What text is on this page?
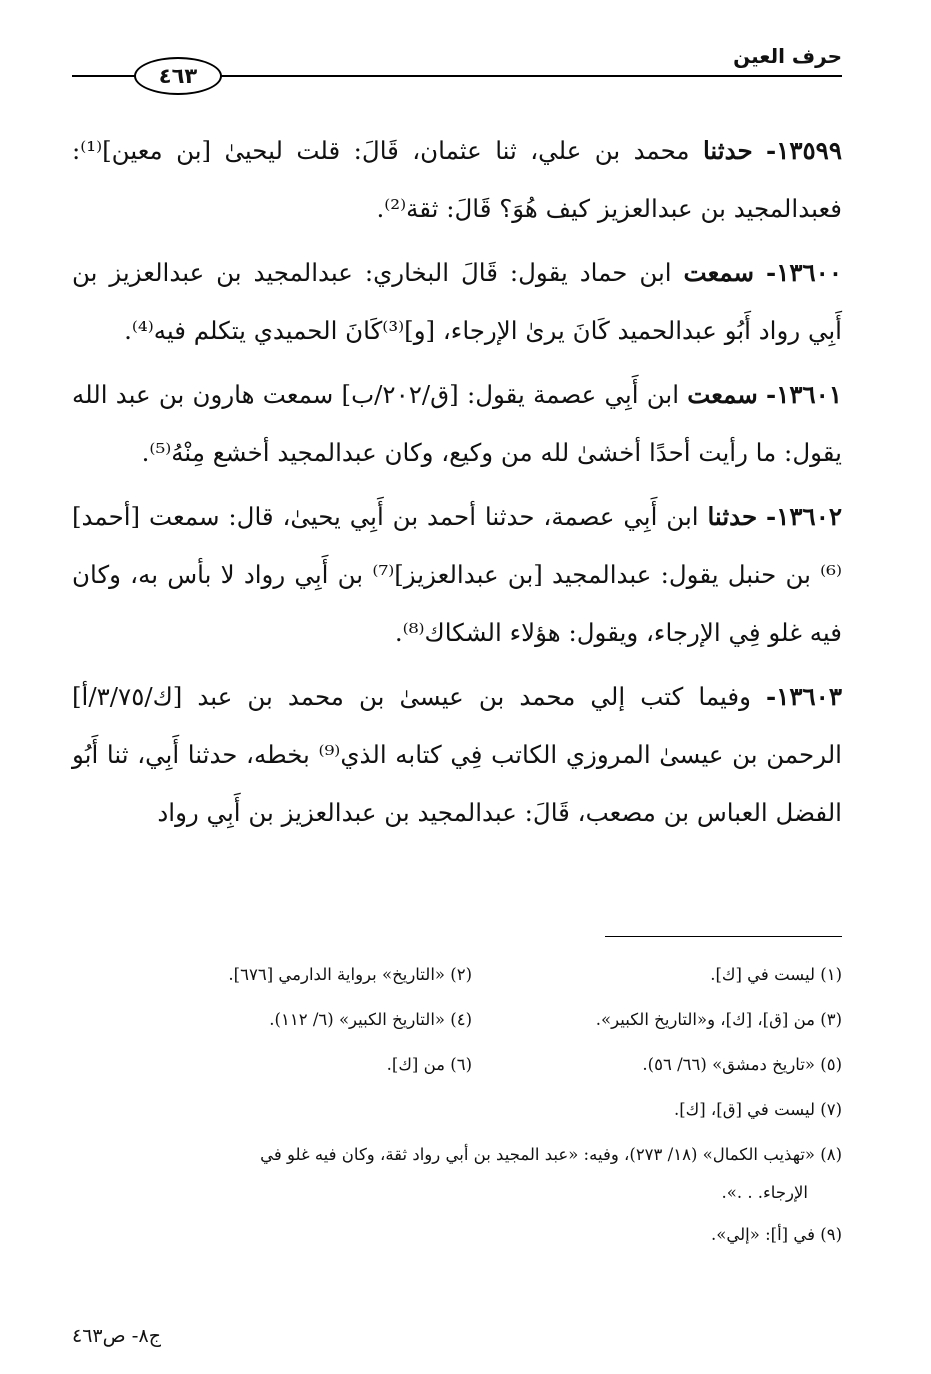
حرف العين
٤٦٣

١٣٥٩٩- حدثنا محمد بن علي، ثنا عثمان، قَالَ: قلت ليحيىٰ [بن معين]⁽¹⁾: فعبدالمجيد بن عبدالعزيز كيف هُوَ؟ قَالَ: ثقة⁽²⁾.

١٣٦٠٠- سمعت ابن حماد يقول: قَالَ البخاري: عبدالمجيد بن عبدالعزيز بن أَبِي رواد أَبُو عبدالحميد كَانَ يرىٰ الإرجاء، [و]⁽³⁾كَانَ الحميدي يتكلم فيه⁽⁴⁾.

١٣٦٠١- سمعت ابن أَبِي عصمة يقول: [ق/٢٠٢/ب] سمعت هارون بن عبد الله يقول: ما رأيت أحدًا أخشىٰ لله من وكيع، وكان عبدالمجيد أخشع مِنْهُ⁽⁵⁾.

١٣٦٠٢- حدثنا ابن أَبِي عصمة، حدثنا أحمد بن أَبِي يحيىٰ، قال: سمعت [أحمد]⁽⁶⁾ بن حنبل يقول: عبدالمجيد [بن عبدالعزيز]⁽⁷⁾ بن أَبِي رواد لا بأس به، وكان فيه غلو فِي الإرجاء، ويقول: هؤلاء الشكاك⁽⁸⁾.

١٣٦٠٣- وفيما كتب إلي محمد بن عيسىٰ بن محمد بن عبد [ك/٣/٧٥/أ] الرحمن بن عيسىٰ المروزي الكاتب فِي كتابه الذي⁽⁹⁾ بخطه، حدثنا أَبِي، ثنا أَبُو الفضل العباس بن مصعب، قَالَ: عبدالمجيد بن عبدالعزيز بن أَبِي رواد

(١) ليست في [ك].
(٢) «التاريخ» برواية الدارمي [٦٧٦].
(٣) من [ق]، [ك]، و«التاريخ الكبير».
(٤) «التاريخ الكبير» (٦/ ١١٢).
(٥) «تاريخ دمشق» (٦٦/ ٥٦).
(٦) من [ك].
(٧) ليست في [ق]، [ك].
(٨) «تهذيب الكمال» (١٨/ ٢٧٣)، وفيه: «عبد المجيد بن أبي رواد ثقة، وكان فيه غلو في
الإرجاء. . .».
(٩) في [أ]: «إلي».
ج٨- ص٤٦٣
